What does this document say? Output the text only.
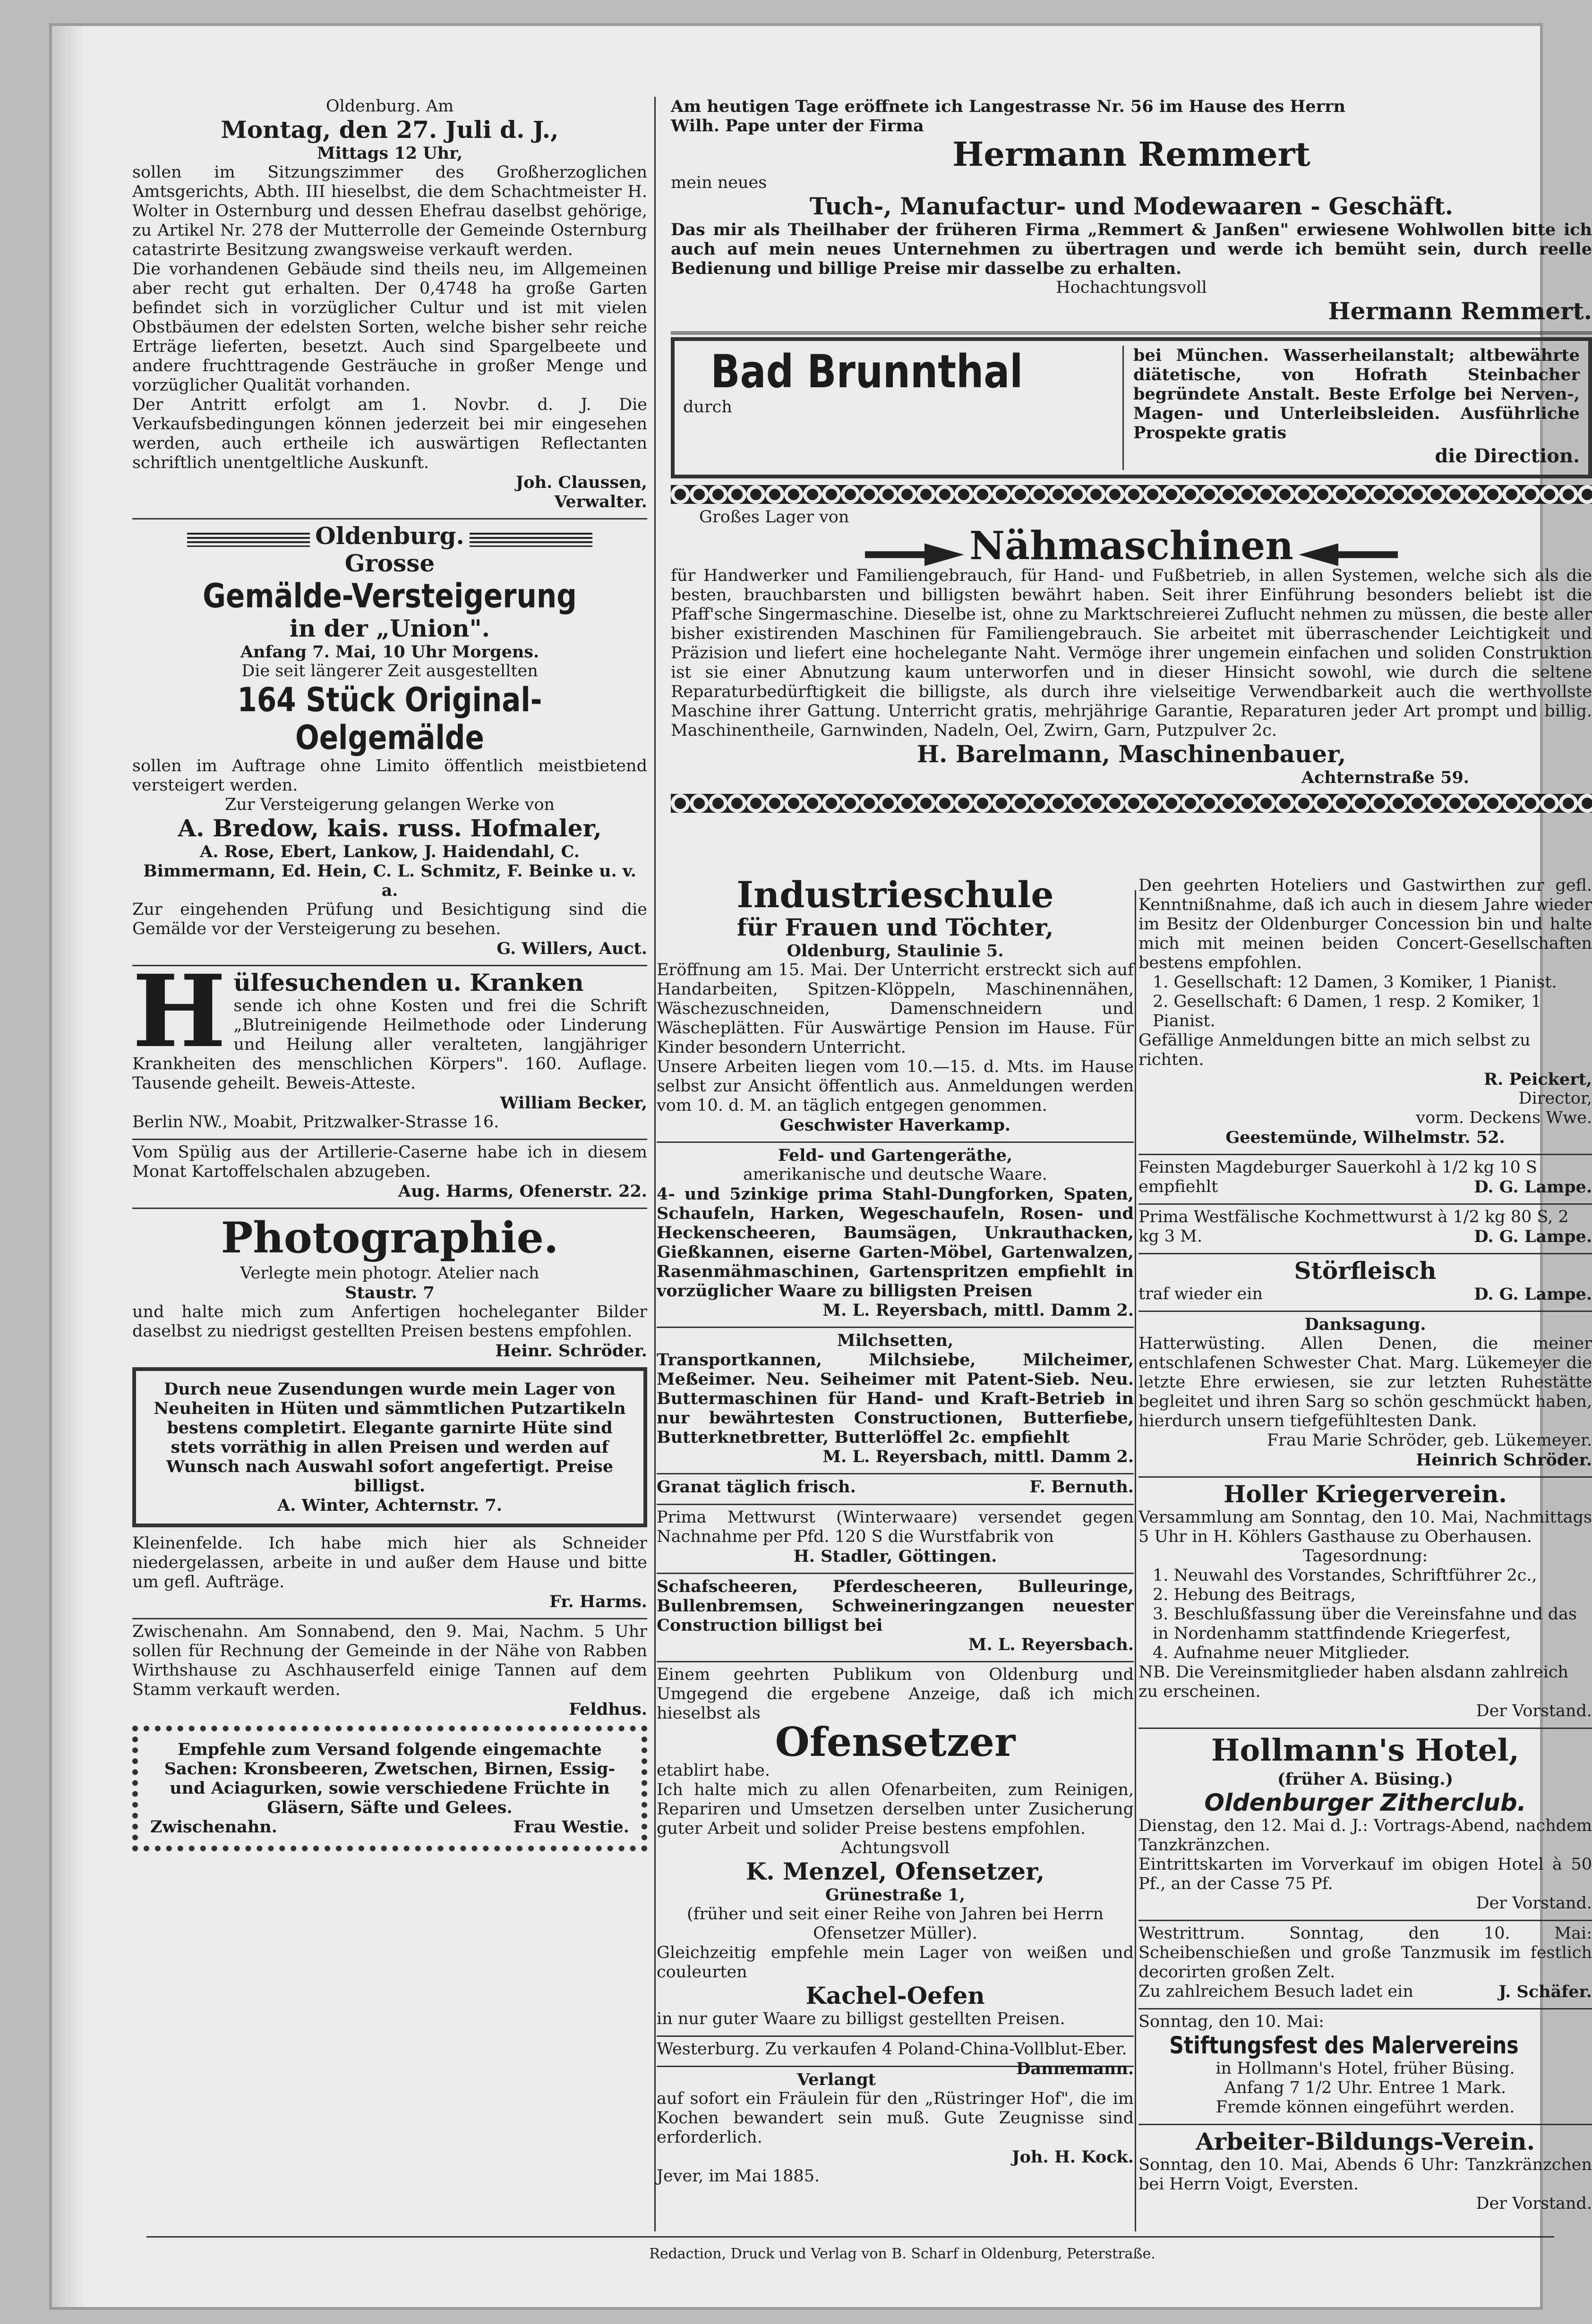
Oldenburg. Am
Montag, den 27. Juli d. J.,
Mittags 12 Uhr,
sollen im Sitzungszimmer des Großherzoglichen Amtsgerichts, Abth. III hieselbst, die dem Schachtmeister H. Wolter in Osternburg und dessen Ehefrau daselbst gehörige, zu Artikel Nr. 278 der Mutterrolle der Gemeinde Osternburg catastrirte Besitzung zwangsweise verkauft werden.
Die vorhandenen Gebäude sind theils neu, im Allgemeinen aber recht gut erhalten. Der 0,4748 ha große Garten befindet sich in vorzüglicher Cultur und ist mit vielen Obstbäumen der edelsten Sorten, welche bisher sehr reiche Erträge lieferten, besetzt. Auch sind Spargelbeete und andere fruchttragende Gesträuche in großer Menge und vorzüglicher Qualität vorhanden.
Der Antritt erfolgt am 1. Novbr. d. J. Die Verkaufsbedingungen können jederzeit bei mir eingesehen werden, auch ertheile ich auswärtigen Reflectanten schriftlich unentgeltliche Auskunft.
Joh. Claussen,
Verwalter.
Oldenburg.
Grosse
Gemälde-Versteigerung
in der „Union".
Anfang 7. Mai, 10 Uhr Morgens.
Die seit längerer Zeit ausgestellten
164 Stück Original-Oelgemälde
sollen im Auftrage ohne Limito öffentlich meistbietend versteigert werden.
Zur Versteigerung gelangen Werke von
A. Bredow, kais. russ. Hofmaler,
A. Rose, Ebert, Lankow, J. Haidendahl, C. Bimmermann, Ed. Hein, C. L. Schmitz, F. Beinke u. v. a.
Zur eingehenden Prüfung und Besichtigung sind die Gemälde vor der Versteigerung zu besehen.
G. Willers, Auct.
H ülfesuchenden u. Kranken
sende ich ohne Kosten und frei die Schrift „Blutreinigende Heilmethode oder Linderung und Heilung aller veralteten, langjähriger Krankheiten des menschlichen Körpers". 160. Auflage. Tausende geheilt. Beweis-Atteste.
William Becker,
Berlin NW., Moabit, Pritzwalker-Strasse 16.
Vom Spülig aus der Artillerie-Caserne habe ich in diesem Monat Kartoffelschalen abzugeben.
Aug. Harms, Ofenerstr. 22.
Photographie.
Verlegte mein photogr. Atelier nach
Staustr. 7
und halte mich zum Anfertigen hocheleganter Bilder daselbst zu niedrigst gestellten Preisen bestens empfohlen.
Heinr. Schröder.
Durch neue Zusendungen wurde mein Lager von Neuheiten in Hüten und sämmtlichen Putzartikeln bestens completirt. Elegante garnirte Hüte sind stets vorräthig in allen Preisen und werden auf Wunsch nach Auswahl sofort angefertigt. Preise billigst.
A. Winter, Achternstr. 7.
Kleinenfelde. Ich habe mich hier als Schneider niedergelassen, arbeite in und außer dem Hause und bitte um gefl. Aufträge.
Fr. Harms.
Zwischenahn. Am Sonnabend, den 9. Mai, Nachm. 5 Uhr sollen für Rechnung der Gemeinde in der Nähe von Rabben Wirthshause zu Aschhauserfeld einige Tannen auf dem Stamm verkauft werden.
Feldhus.
Empfehle zum Versand folgende eingemachte Sachen: Kronsbeeren, Zwetschen, Birnen, Essig- und Aciagurken, sowie verschiedene Früchte in Gläsern, Säfte und Gelees.
Zwischenahn.	Frau Westie.
Am heutigen Tage eröffnete ich Langestrasse Nr. 56 im Hause des Herrn
Wilh. Pape unter der Firma
Hermann Remmert
mein neues
Tuch-, Manufactur- und Modewaaren - Geschäft.
Das mir als Theilhaber der früheren Firma „Remmert & Janßen" erwiesene Wohlwollen bitte ich auch auf mein neues Unternehmen zu übertragen und werde ich bemüht sein, durch reelle Bedienung und billige Preise mir dasselbe zu erhalten.
Hochachtungsvoll
Hermann Remmert.
Bad Brunnthal
durch
bei München. Wasserheilanstalt; altbewährte diätetische, von Hofrath Steinbacher begründete Anstalt. Beste Erfolge bei Nerven-, Magen- und Unterleibsleiden. Ausführliche Prospekte gratis
die Direction.
Großes Lager von
Nähmaschinen
für Handwerker und Familiengebrauch, für Hand- und Fußbetrieb, in allen Systemen, welche sich als die besten, brauchbarsten und billigsten bewährt haben. Seit ihrer Einführung besonders beliebt ist die Pfaff'sche Singermaschine. Dieselbe ist, ohne zu Marktschreierei Zuflucht nehmen zu müssen, die beste aller bisher existirenden Maschinen für Familiengebrauch. Sie arbeitet mit überraschender Leichtigkeit und Präzision und liefert eine hochelegante Naht. Vermöge ihrer ungemein einfachen und soliden Construktion ist sie einer Abnutzung kaum unterworfen und in dieser Hinsicht sowohl, wie durch die seltene Reparaturbedürftigkeit die billigste, als durch ihre vielseitige Verwendbarkeit auch die werthvollste Maschine ihrer Gattung. Unterricht gratis, mehrjährige Garantie, Reparaturen jeder Art prompt und billig. Maschinentheile, Garnwinden, Nadeln, Oel, Zwirn, Garn, Putzpulver 2c.
H. Barelmann, Maschinenbauer,
Achternstraße 59.
Industrieschule
für Frauen und Töchter,
Oldenburg, Staulinie 5.
Eröffnung am 15. Mai. Der Unterricht erstreckt sich auf Handarbeiten, Spitzen-Klöppeln, Maschinennähen, Wäschezuschneiden, Damenschneidern und Wäscheplätten. Für Auswärtige Pension im Hause. Für Kinder besondern Unterricht.
Unsere Arbeiten liegen vom 10.—15. d. Mts. im Hause selbst zur Ansicht öffentlich aus. Anmeldungen werden vom 10. d. M. an täglich entgegen genommen.
Geschwister Haverkamp.
Feld- und Gartengeräthe,
amerikanische und deutsche Waare.
4- und 5zinkige prima Stahl-Dungforken, Spaten, Schaufeln, Harken, Wegeschaufeln, Rosen- und Heckenscheeren, Baumsägen, Unkrauthacken, Gießkannen, eiserne Garten-Möbel, Gartenwalzen, Rasenmähmaschinen, Gartenspritzen empfiehlt in vorzüglicher Waare zu billigsten Preisen
M. L. Reyersbach, mittl. Damm 2.
Milchsetten,
Transportkannen, Milchsiebe, Milcheimer, Meßeimer. Neu. Seiheimer mit Patent-Sieb. Neu. Buttermaschinen für Hand- und Kraft-Betrieb in nur bewährtesten Constructionen, Butterfiebe, Butterknetbretter, Butterlöffel 2c. empfiehlt
M. L. Reyersbach, mittl. Damm 2.
Granat täglich frisch.	F. Bernuth.
Prima Mettwurst (Winterwaare) versendet gegen Nachnahme per Pfd. 120 S die Wurstfabrik von
H. Stadler, Göttingen.
Schafscheeren, Pferdescheeren, Bulleuringe, Bullenbremsen, Schweineringzangen neuester Construction billigst bei
M. L. Reyersbach.
Einem geehrten Publikum von Oldenburg und Umgegend die ergebene Anzeige, daß ich mich hieselbst als
Ofensetzer
etablirt habe.
Ich halte mich zu allen Ofenarbeiten, zum Reinigen, Repariren und Umsetzen derselben unter Zusicherung guter Arbeit und solider Preise bestens empfohlen.
Achtungsvoll
K. Menzel, Ofensetzer,
Grünestraße 1,
(früher und seit einer Reihe von Jahren bei Herrn Ofensetzer Müller).
Gleichzeitig empfehle mein Lager von weißen und couleurten
Kachel-Oefen
in nur guter Waare zu billigst gestellten Preisen.
Westerburg. Zu verkaufen 4 Poland-China-Vollblut-Eber.
Dannemann.
Verlangt
auf sofort ein Fräulein für den „Rüstringer Hof", die im Kochen bewandert sein muß. Gute Zeugnisse sind erforderlich.
Joh. H. Kock.
Jever, im Mai 1885.
Den geehrten Hoteliers und Gastwirthen zur gefl. Kenntnißnahme, daß ich auch in diesem Jahre wieder im Besitz der Oldenburger Concession bin und halte mich mit meinen beiden Concert-Gesellschaften bestens empfohlen.
1. Gesellschaft: 12 Damen, 3 Komiker, 1 Pianist.
2. Gesellschaft: 6 Damen, 1 resp. 2 Komiker, 1 Pianist.
Gefällige Anmeldungen bitte an mich selbst zu richten.
R. Peickert,
Director,
vorm. Deckens Wwe.
Geestemünde, Wilhelmstr. 52.
Feinsten Magdeburger Sauerkohl à 1/2 kg 10 S empfiehlt	D. G. Lampe.
Prima Westfälische Kochmettwurst à 1/2 kg 80 S, 2 kg 3 M.	D. G. Lampe.
Störfleisch
traf wieder ein	D. G. Lampe.
Danksagung.
Hatterwüsting. Allen Denen, die meiner entschlafenen Schwester Chat. Marg. Lükemeyer die letzte Ehre erwiesen, sie zur letzten Ruhestätte begleitet und ihren Sarg so schön geschmückt haben, hierdurch unsern tiefgefühltesten Dank.
Frau Marie Schröder, geb. Lükemeyer.
Heinrich Schröder.
Holler Kriegerverein.
Versammlung am Sonntag, den 10. Mai, Nachmittags 5 Uhr in H. Köhlers Gasthause zu Oberhausen.
Tagesordnung:
1. Neuwahl des Vorstandes, Schriftführer 2c.,
2. Hebung des Beitrags,
3. Beschlußfassung über die Vereinsfahne und das in Nordenhamm stattfindende Kriegerfest,
4. Aufnahme neuer Mitglieder.
NB. Die Vereinsmitglieder haben alsdann zahlreich zu erscheinen.
Der Vorstand.
Hollmann's Hotel,
(früher A. Büsing.)
Oldenburger Zitherclub.
Dienstag, den 12. Mai d. J.: Vortrags-Abend, nachdem Tanzkränzchen.
Eintrittskarten im Vorverkauf im obigen Hotel à 50 Pf., an der Casse 75 Pf.
Der Vorstand.
Westrittrum. Sonntag, den 10. Mai: Scheibenschießen und große Tanzmusik im festlich decorirten großen Zelt.
Zu zahlreichem Besuch ladet ein	J. Schäfer.
Sonntag, den 10. Mai:
Stiftungsfest des Malervereins
in Hollmann's Hotel, früher Büsing.
Anfang 7 1/2 Uhr. Entree 1 Mark.
Fremde können eingeführt werden.
Arbeiter-Bildungs-Verein.
Sonntag, den 10. Mai, Abends 6 Uhr: Tanzkränzchen bei Herrn Voigt, Eversten.
Der Vorstand.
Redaction, Druck und Verlag von B. Scharf in Oldenburg, Peterstraße.
